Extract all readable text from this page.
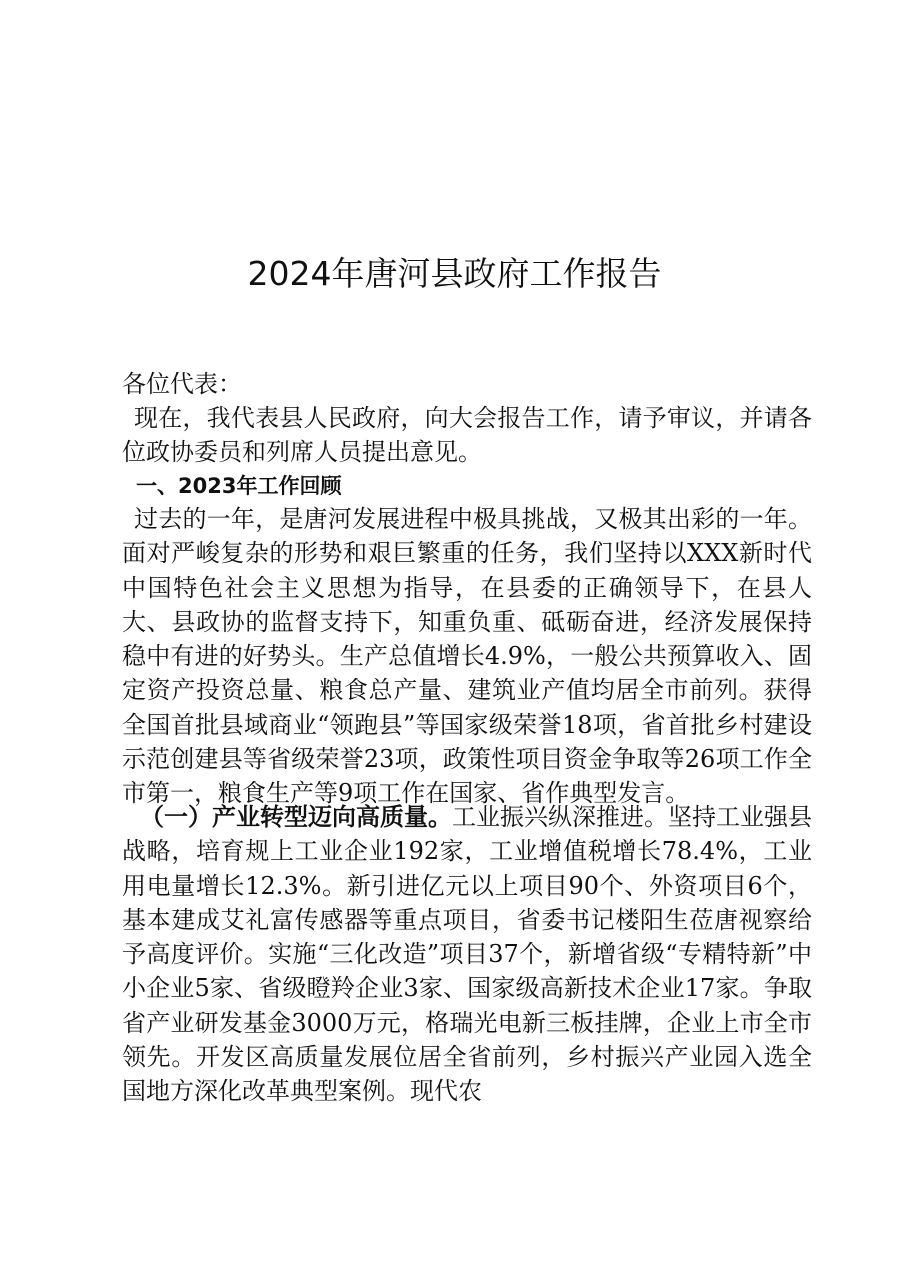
2024年唐河县政府工作报告
各位代表：
现在，我代表县人民政府，向大会报告工作，请予审议，并请各位政协委员和列席人员提出意见。
一、2023年工作回顾
过去的一年，是唐河发展进程中极具挑战，又极其出彩的一年。面对严峻复杂的形势和艰巨繁重的任务，我们坚持以XXX新时代中国特色社会主义思想为指导，在县委的正确领导下，在县人大、县政协的监督支持下，知重负重、砥砺奋进，经济发展保持稳中有进的好势头。生产总值增长4.9%，一般公共预算收入、固定资产投资总量、粮食总产量、建筑业产值均居全市前列。获得全国首批县域商业“领跑县”等国家级荣誉18项，省首批乡村建设示范创建县等省级荣誉23项，政策性项目资金争取等26项工作全市第一，粮食生产等9项工作在国家、省作典型发言。
（一）产业转型迈向高质量。工业振兴纵深推进。坚持工业强县战略，培育规上工业企业192家，工业增值税增长78.4%，工业用电量增长12.3%。新引进亿元以上项目90个、外资项目6个，基本建成艾礼富传感器等重点项目，省委书记楼阳生莅唐视察给予高度评价。实施“三化改造”项目37个，新增省级“专精特新”中小企业5家、省级瞪羚企业3家、国家级高新技术企业17家。争取省产业研发基金3000万元，格瑞光电新三板挂牌，企业上市全市领先。开发区高质量发展位居全省前列，乡村振兴产业园入选全国地方深化改革典型案例。现代农
